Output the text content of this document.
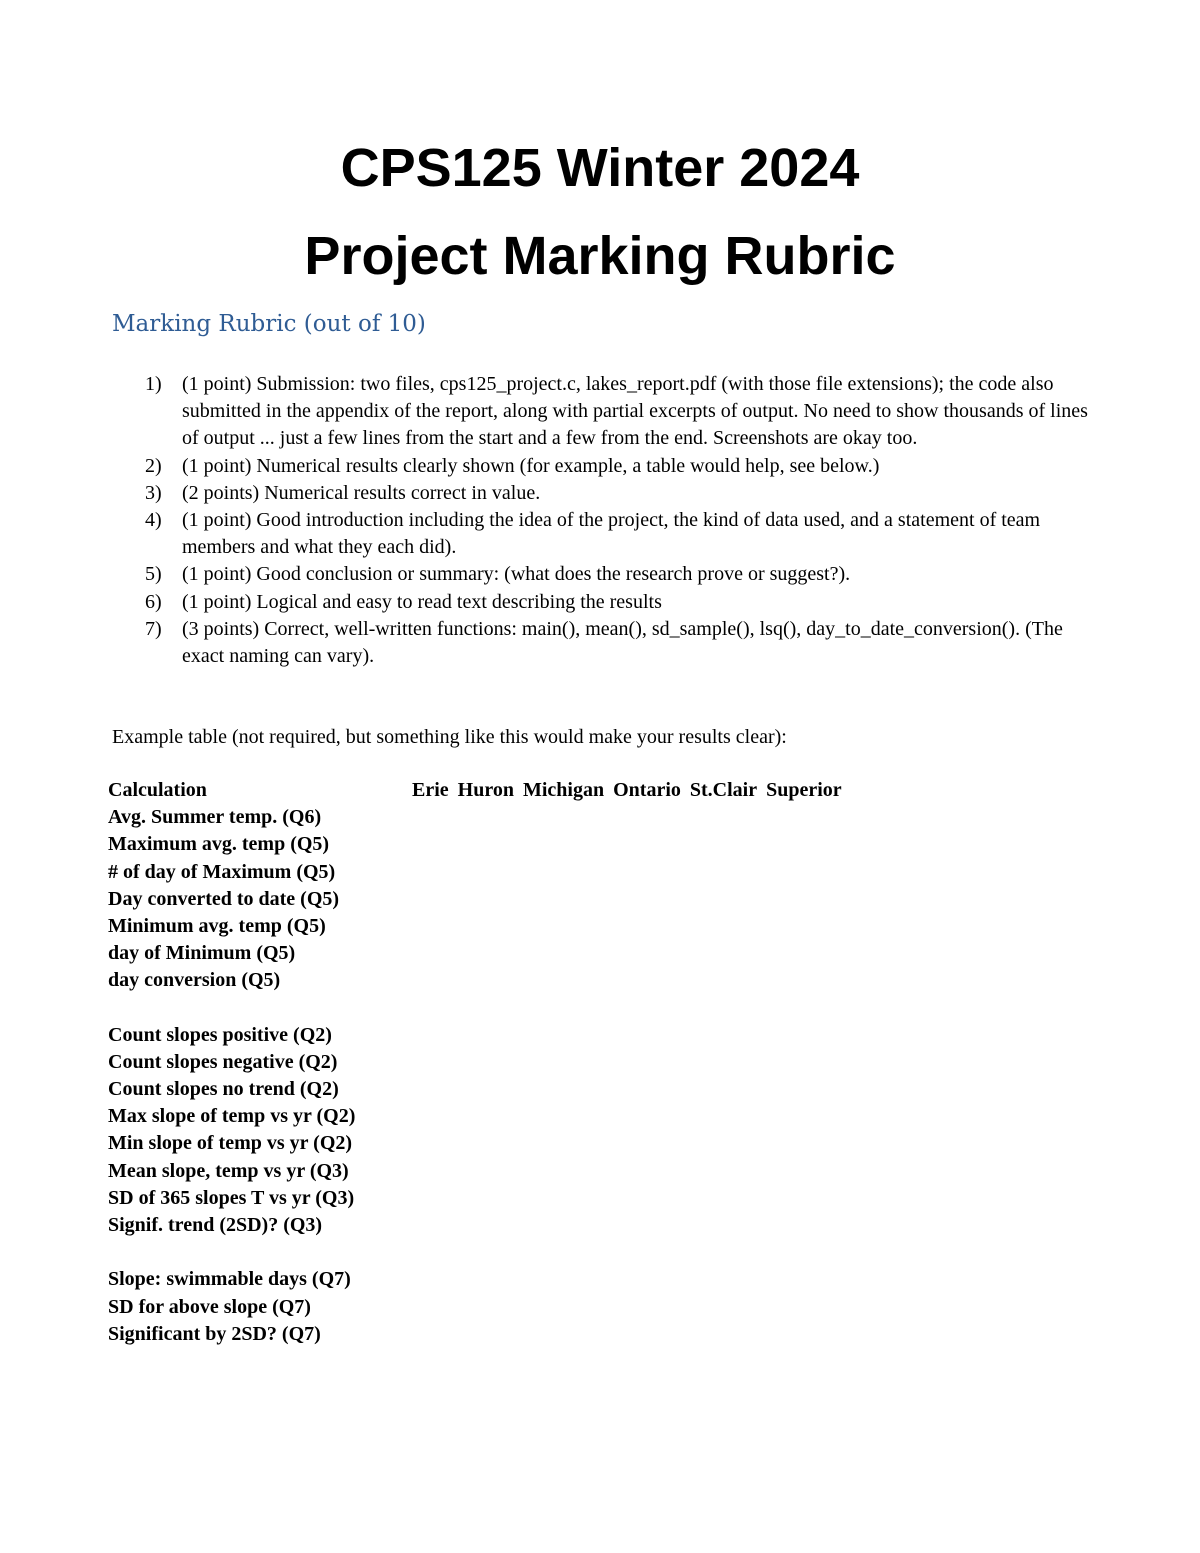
CPS125 Winter 2024
Project Marking Rubric
Marking Rubric (out of 10)
1) (1 point) Submission: two files, cps125_project.c, lakes_report.pdf (with those file extensions); the code also submitted in the appendix of the report, along with partial excerpts of output. No need to show thousands of lines of output ... just a few lines from the start and a few from the end. Screenshots are okay too.
2) (1 point) Numerical results clearly shown (for example, a table would help, see below.)
3) (2 points) Numerical results correct in value.
4) (1 point) Good introduction including the idea of the project, the kind of data used, and a statement of team members and what they each did).
5) (1 point) Good conclusion or summary: (what does the research prove or suggest?).
6) (1 point) Logical and easy to read text describing the results
7) (3 points) Correct, well-written functions: main(), mean(), sd_sample(), lsq(), day_to_date_conversion(). (The exact naming can vary).

Example table (not required, but something like this would make your results clear):

Calculation	Erie Huron Michigan Ontario St.Clair Superior
Avg. Summer temp. (Q6)
Maximum avg. temp (Q5)
# of day of Maximum (Q5)
Day converted to date (Q5)
Minimum avg. temp (Q5)
day of Minimum (Q5)
day conversion (Q5)
Count slopes positive (Q2)
Count slopes negative (Q2)
Count slopes no trend (Q2)
Max slope of temp vs yr (Q2)
Min slope of temp vs yr (Q2)
Mean slope, temp vs yr (Q3)
SD of 365 slopes T vs yr (Q3)
Signif. trend (2SD)? (Q3)
Slope: swimmable days (Q7)
SD for above slope (Q7)
Significant by 2SD? (Q7)
